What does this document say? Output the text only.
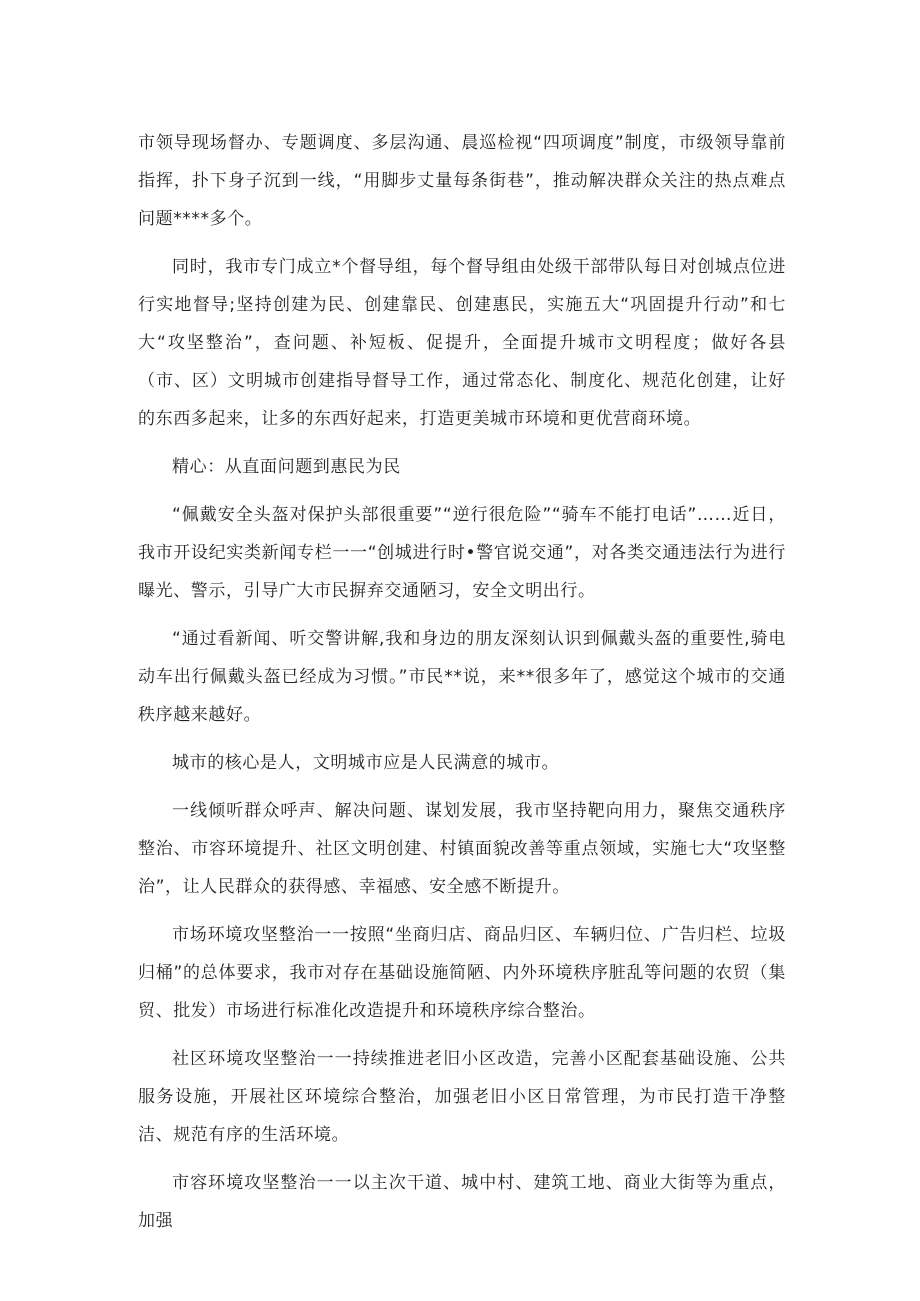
市领导现场督办、专题调度、多层沟通、晨巡检视“四项调度”制度，市级领导靠前指挥，扑下身子沉到一线，“用脚步丈量每条街巷”，推动解决群众关注的热点难点问题****多个。

同时，我市专门成立*个督导组，每个督导组由处级干部带队每日对创城点位进行实地督导;坚持创建为民、创建靠民、创建惠民，实施五大“巩固提升行动”和七大“攻坚整治”，查问题、补短板、促提升，全面提升城市文明程度；做好各县（市、区）文明城市创建指导督导工作，通过常态化、制度化、规范化创建，让好的东西多起来，让多的东西好起来，打造更美城市环境和更优营商环境。

精心：从直面问题到惠民为民

“佩戴安全头盔对保护头部很重要”“逆行很危险”“骑车不能打电话”……近日，我市开设纪实类新闻专栏一一“创城进行时•警官说交通”，对各类交通违法行为进行曝光、警示，引导广大市民摒弃交通陋习，安全文明出行。

“通过看新闻、听交警讲解,我和身边的朋友深刻认识到佩戴头盔的重要性,骑电动车出行佩戴头盔已经成为习惯。”市民**说，来**很多年了，感觉这个城市的交通秩序越来越好。

城市的核心是人，文明城市应是人民满意的城市。

一线倾听群众呼声、解决问题、谋划发展，我市坚持靶向用力，聚焦交通秩序整治、市容环境提升、社区文明创建、村镇面貌改善等重点领域，实施七大“攻坚整治”，让人民群众的获得感、幸福感、安全感不断提升。

市场环境攻坚整治一一按照“坐商归店、商品归区、车辆归位、广告归栏、垃圾归桶”的总体要求，我市对存在基础设施简陋、内外环境秩序脏乱等问题的农贸（集贸、批发）市场进行标准化改造提升和环境秩序综合整治。

社区环境攻坚整治一一持续推进老旧小区改造，完善小区配套基础设施、公共服务设施，开展社区环境综合整治，加强老旧小区日常管理，为市民打造干净整洁、规范有序的生活环境。

市容环境攻坚整治一一以主次干道、城中村、建筑工地、商业大街等为重点，加强
